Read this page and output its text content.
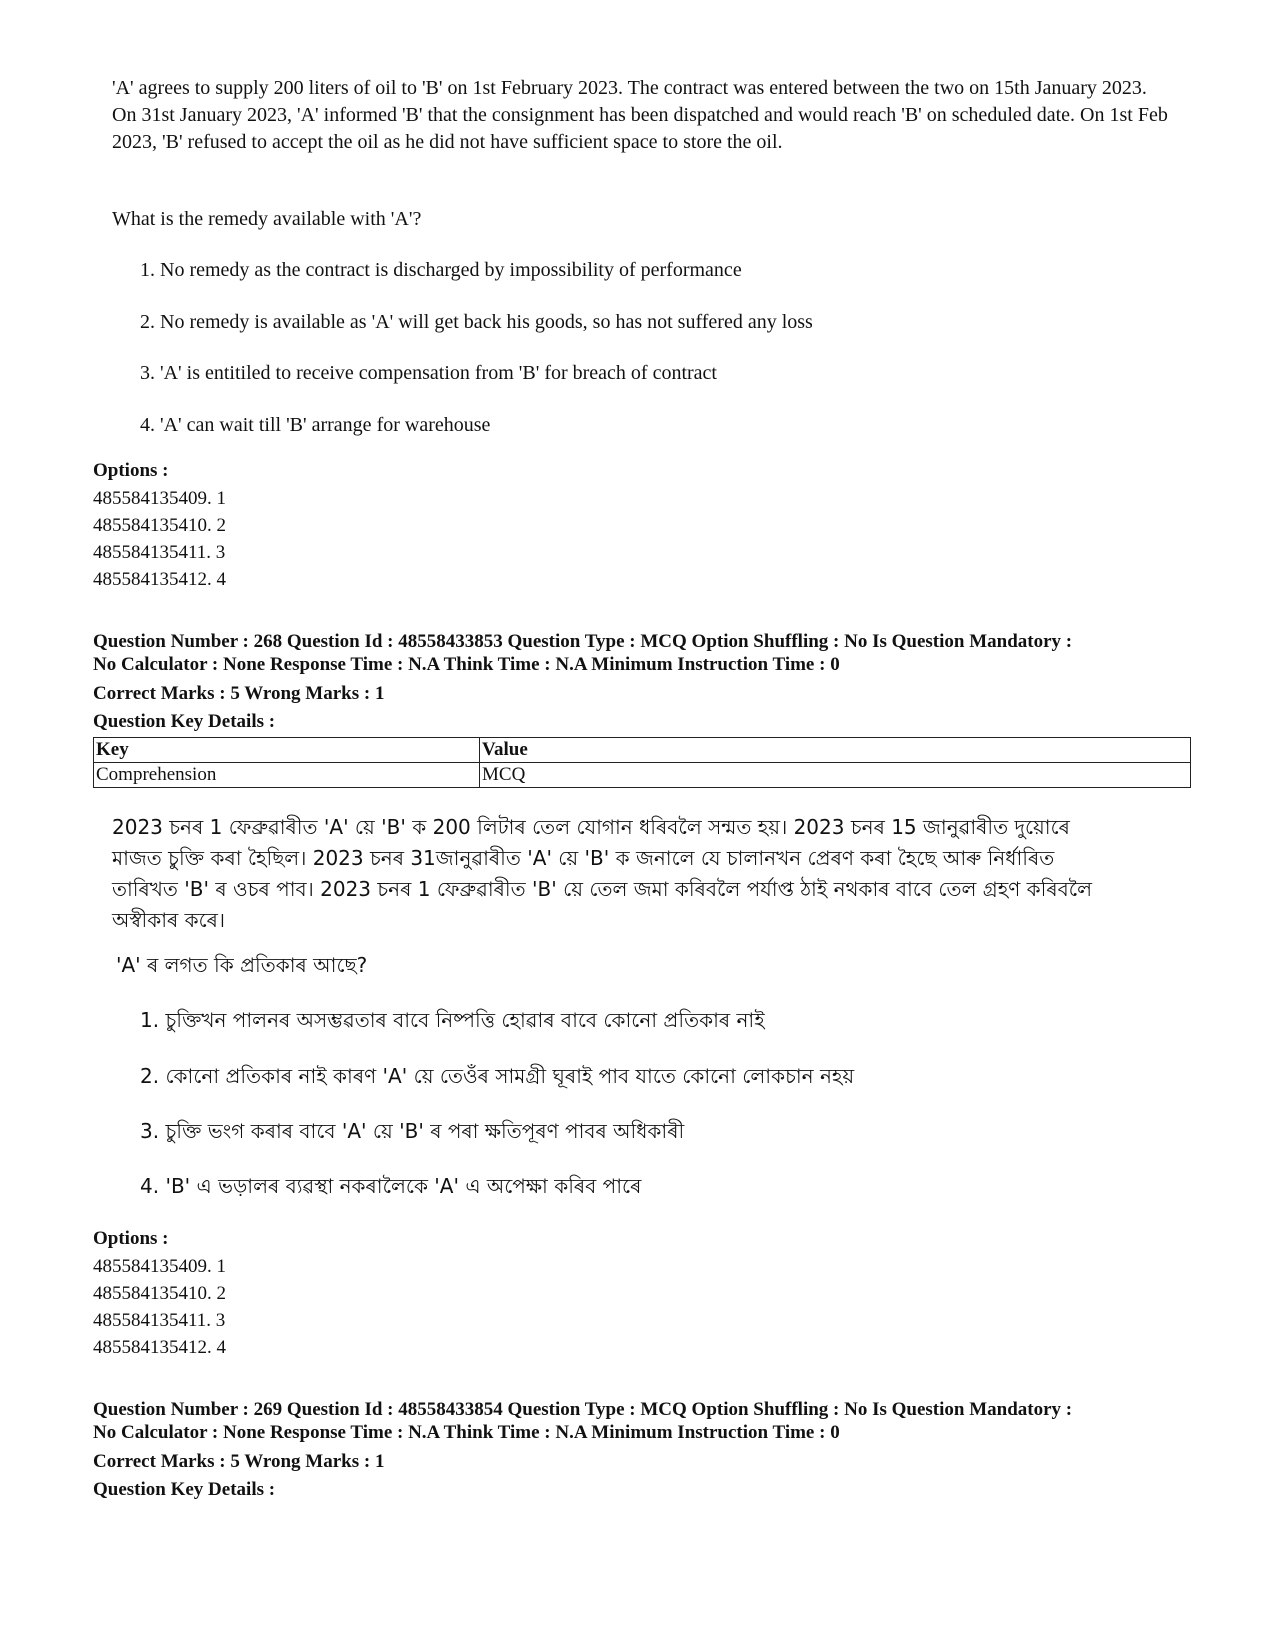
'A' agrees to supply 200 liters of oil to 'B' on 1st February 2023. The contract was entered between the two on 15th January 2023. On 31st January 2023, 'A' informed 'B' that the consignment has been dispatched and would reach 'B' on scheduled date. On 1st Feb 2023, 'B' refused to accept the oil as he did not have sufficient space to store the oil.

What is the remedy available with 'A'?

1. No remedy as the contract is discharged by impossibility of performance
2. No remedy is available as 'A' will get back his goods, so has not suffered any loss
3. 'A' is entitiled to receive compensation from 'B' for breach of contract
4. 'A' can wait till 'B' arrange for warehouse
Options :
485584135409. 1
485584135410. 2
485584135411. 3
485584135412. 4
Question Number : 268 Question Id : 48558433853 Question Type : MCQ Option Shuffling : No Is Question Mandatory :
No Calculator : None Response Time : N.A Think Time : N.A Minimum Instruction Time : 0
Correct Marks : 5 Wrong Marks : 1
Question Key Details :
Key	Value
Comprehension	MCQ

2023 চনৰ 1 ফেব্ৰুৱাৰীত 'A' য়ে 'B' ক 200 লিটাৰ তেল যোগান ধৰিবলৈ সন্মত হয়। 2023 চনৰ 15 জানুৱাৰীত দুয়োৰে মাজত চুক্তি কৰা হৈছিল। 2023 চনৰ 31জানুৱাৰীত 'A' য়ে 'B' ক জনালে যে চালানখন প্ৰেৰণ কৰা হৈছে আৰু নিৰ্ধাৰিত তাৰিখত 'B' ৰ ওচৰ পাব। 2023 চনৰ 1 ফেব্ৰুৱাৰীত 'B' য়ে তেল জমা কৰিবলৈ পৰ্যাপ্ত ঠাই নথকাৰ বাবে তেল গ্ৰহণ কৰিবলৈ অস্বীকাৰ কৰে।

'A' ৰ লগত কি প্ৰতিকাৰ আছে?

1. চুক্তিখন পালনৰ অসম্ভৱতাৰ বাবে নিষ্পত্তি হোৱাৰ বাবে কোনো প্ৰতিকাৰ নাই
2. কোনো প্ৰতিকাৰ নাই কাৰণ 'A' য়ে তেওঁৰ সামগ্ৰী ঘূৰাই পাব যাতে কোনো লোকচান নহয়
3. চুক্তি ভংগ কৰাৰ বাবে 'A' য়ে 'B' ৰ পৰা ক্ষতিপূৰণ পাবৰ অধিকাৰী
4. 'B' এ ভড়ালৰ ব্যৱস্থা নকৰালৈকে 'A' এ অপেক্ষা কৰিব পাৰে
Options :
485584135409. 1
485584135410. 2
485584135411. 3
485584135412. 4
Question Number : 269 Question Id : 48558433854 Question Type : MCQ Option Shuffling : No Is Question Mandatory :
No Calculator : None Response Time : N.A Think Time : N.A Minimum Instruction Time : 0
Correct Marks : 5 Wrong Marks : 1
Question Key Details :
